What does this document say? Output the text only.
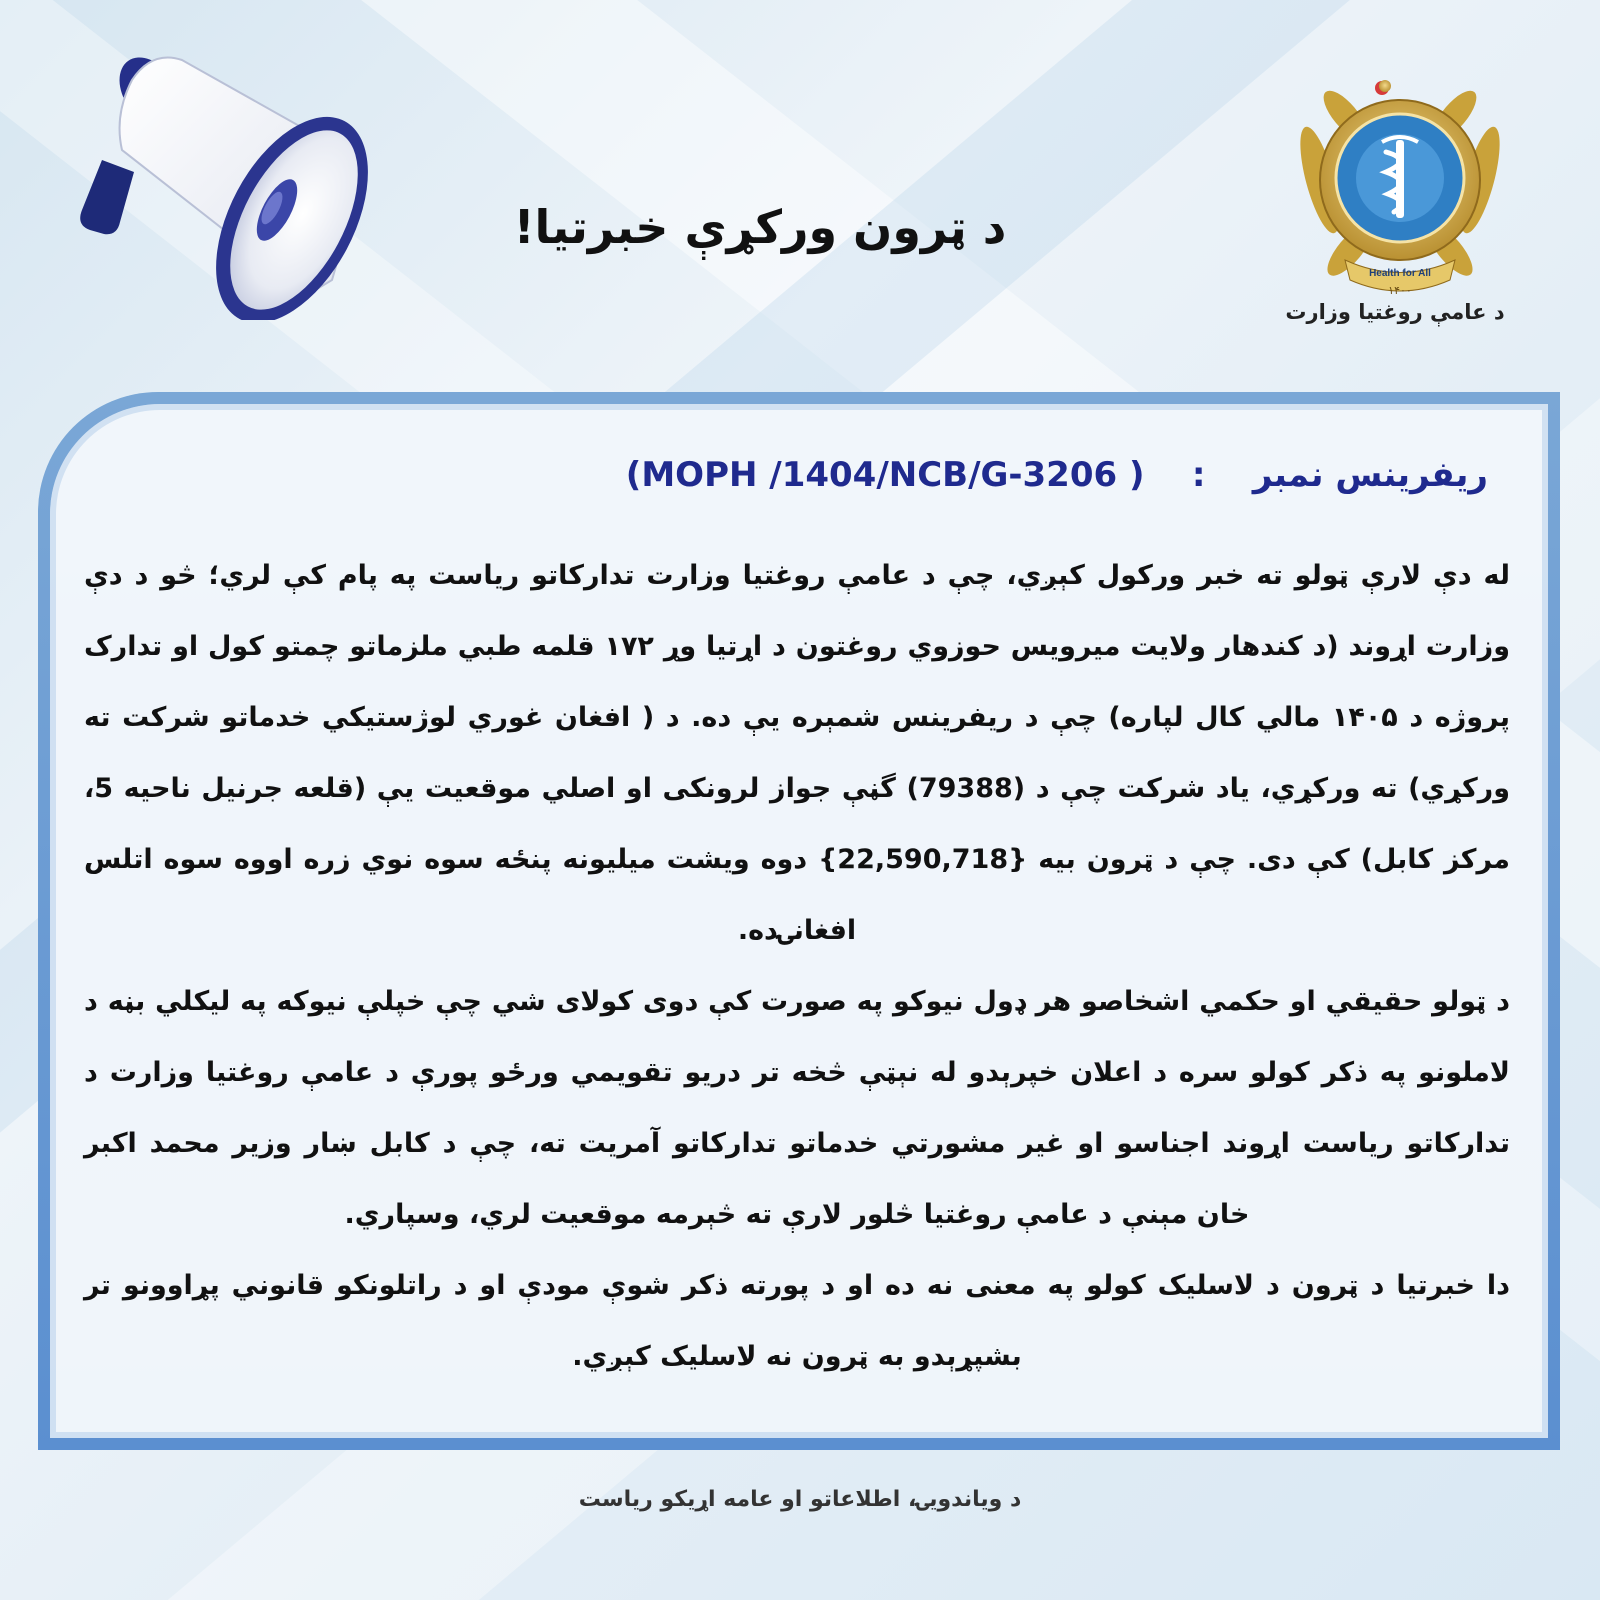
د ټرون ورکړې خبرتیا!
Health for All
۱۴۰۰
د عامې روغتیا وزارت
ریفرینس نمبر    :    ( MOPH /1404/NCB/G-3206)

له دې لارې ټولو ته خبر ورکول کېږي، چې د عامې روغتیا وزارت تدارکاتو ریاست په پام کې لري؛ څو د دې وزارت اړوند (د کندهار ولایت میرویس حوزوي روغتون د اړتیا وړ ۱۷۲ قلمه طبي ملزماتو چمتو کول او تدارک پروژه د ۱۴۰۵ مالي کال لپاره) چې د ریفرینس شمېره یې ده. د ( افغان غوري لوژستیکي خدماتو شرکت ته ورکړي) ته ورکړي، یاد شرکت چې د (79388) گڼې جواز لرونکی او اصلي موقعیت یې (قلعه جرنیل ناحیه 5، مرکز کابل) کې دی. چې د ټرون بیه {22,590,718} دوه ویشت میلیونه پنځه سوه نوي زره اووه سوه اتلس افغانۍده.

د ټولو حقیقي او حکمي اشخاصو هر ډول نیوکو په صورت کې دوی کولای شي چې خپلې نیوکه په لیکلي بڼه د لاملونو په ذکر کولو سره د اعلان خپرېدو له نېټې څخه تر دریو تقویمي ورځو پورې د عامې روغتیا وزارت د تدارکاتو ریاست اړوند اجناسو او غیر مشورتي خدماتو تدارکاتو آمریت ته، چې د کابل ښار وزیر محمد اکبر خان مېنې د عامې روغتیا څلور لارې ته څېرمه موقعیت لري، وسپاري.

دا خبرتیا د ټرون د لاسلیک کولو په معنی نه ده او د پورته ذکر شوې مودې او د راتلونکو قانوني پړاوونو تر بشپړېدو به ټرون نه لاسلیک کېږي.

د ویاندویۍ، اطلاعاتو او عامه اړیکو ریاست
